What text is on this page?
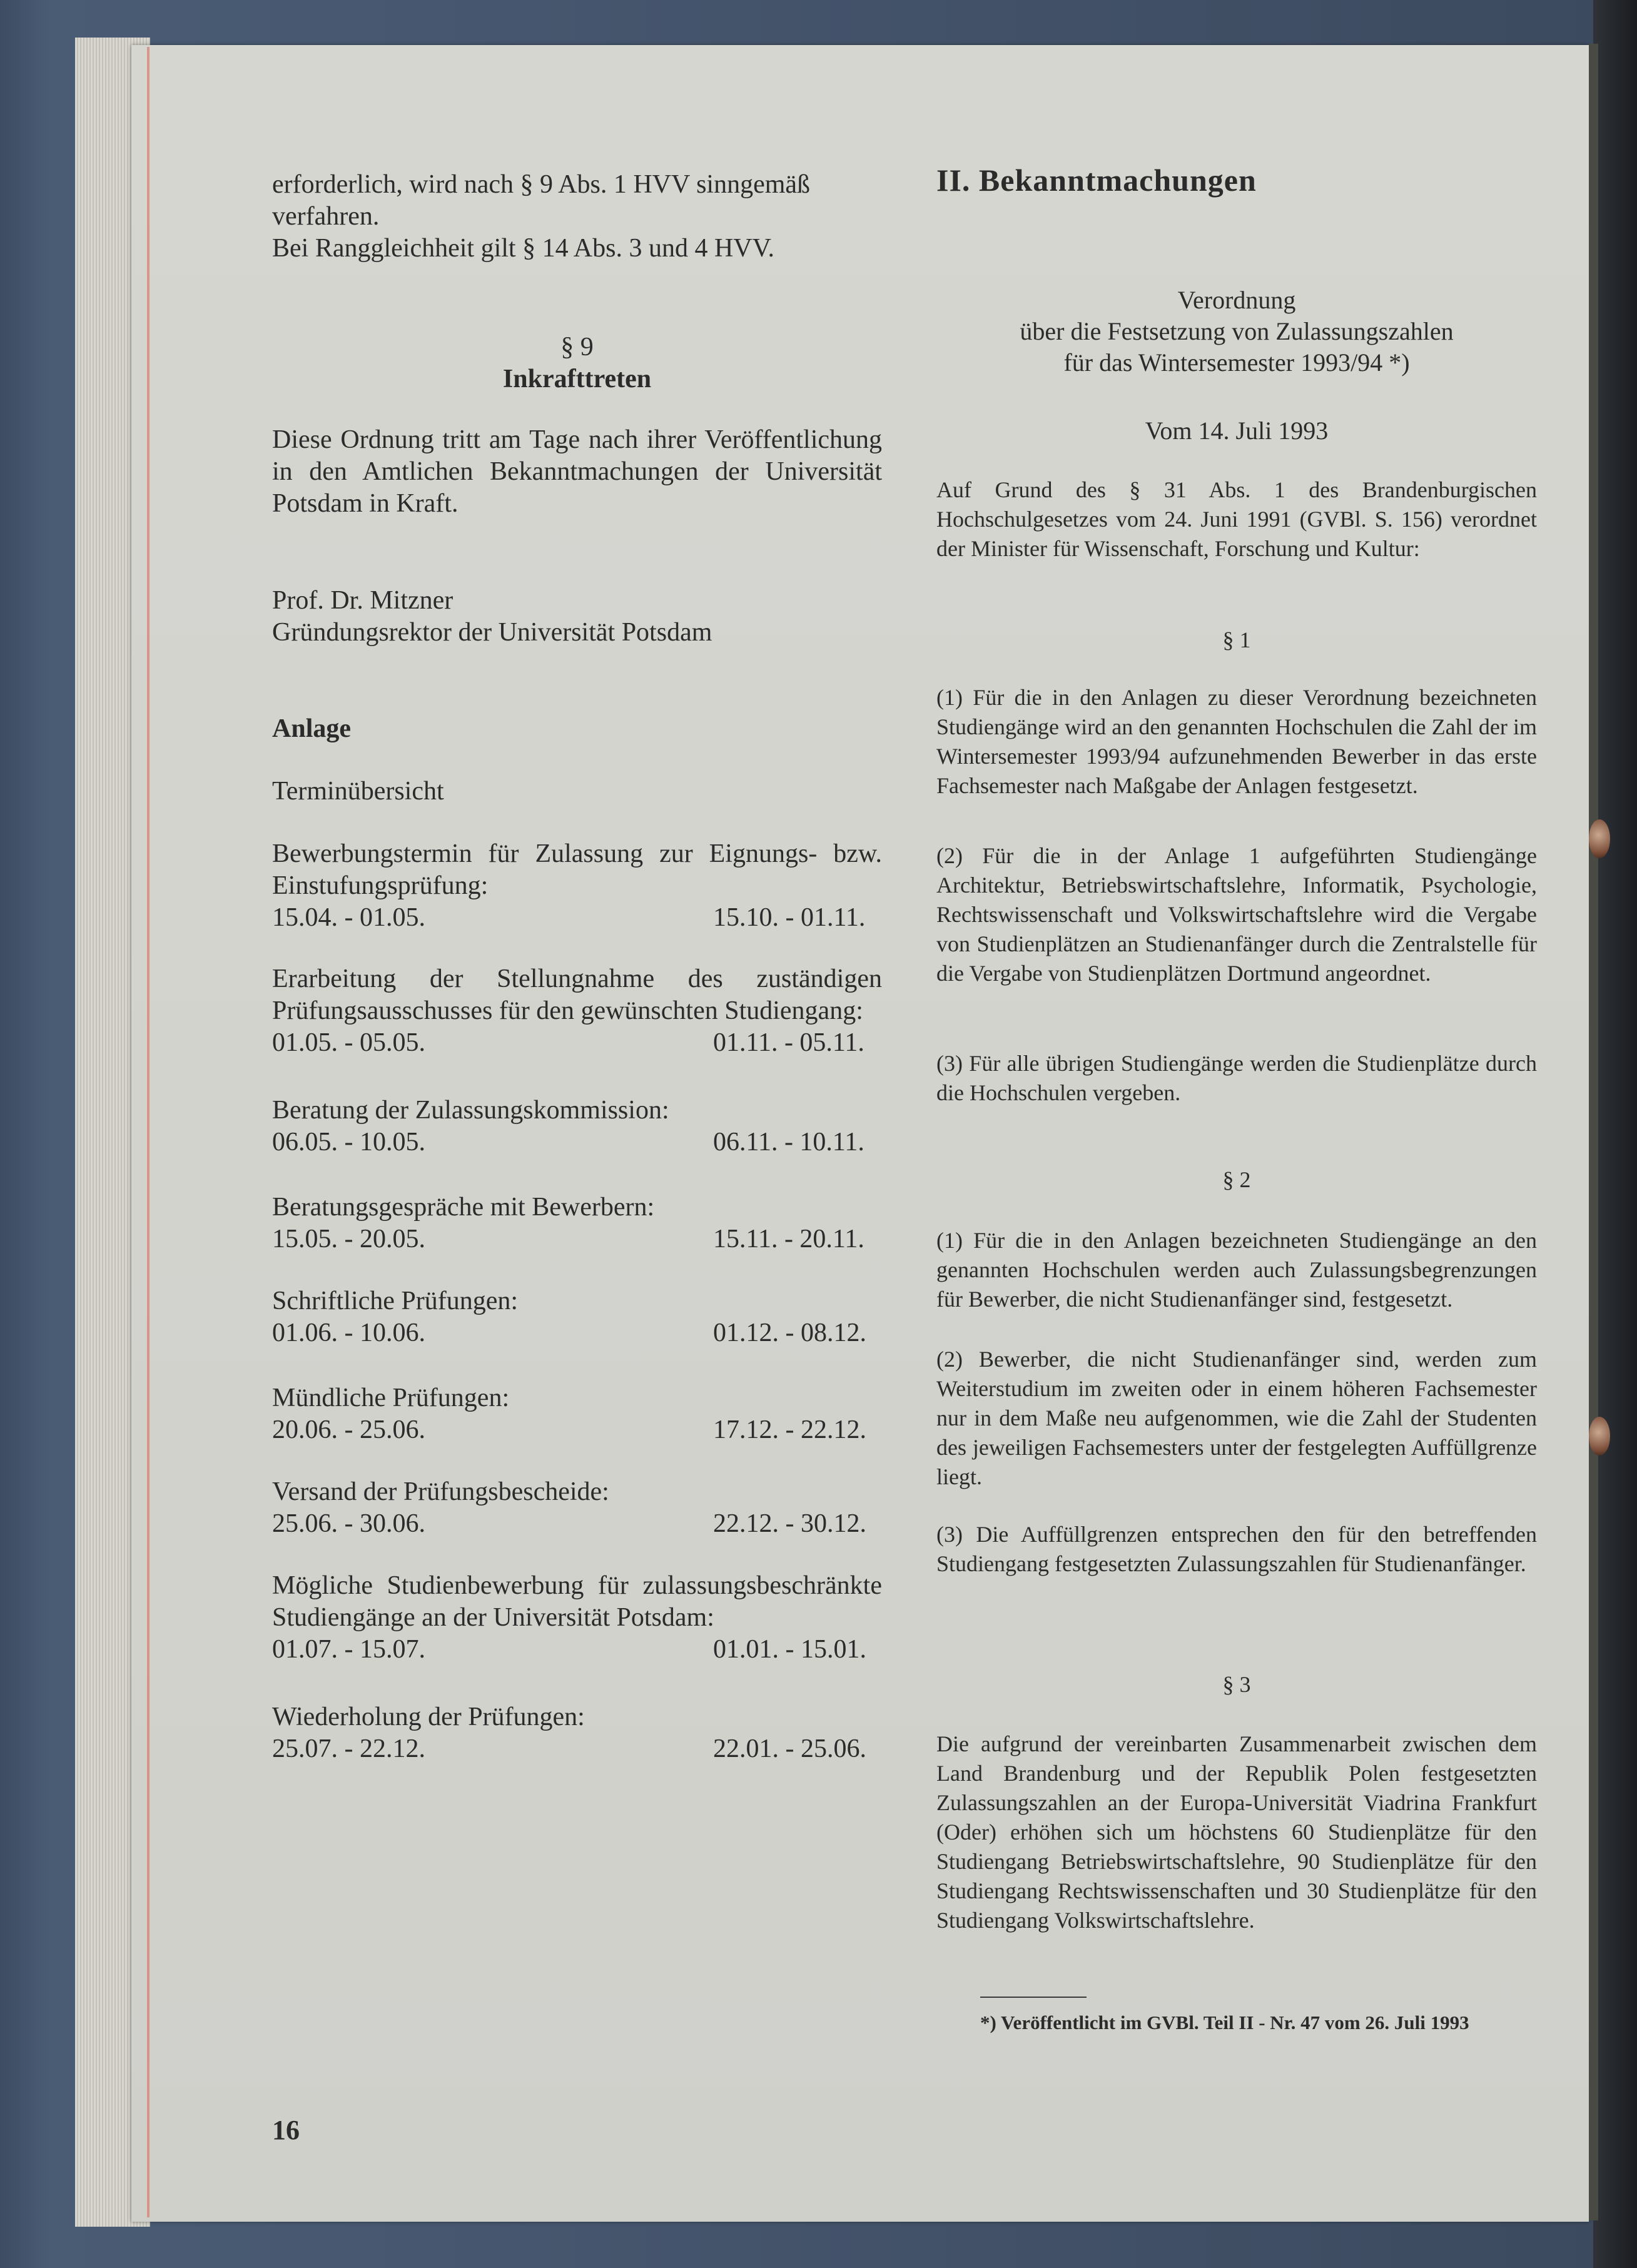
erforderlich, wird nach § 9 Abs. 1 HVV sinngemäß

verfahren.

Bei Ranggleichheit gilt § 14 Abs. 3 und 4 HVV.

§ 9

Inkrafttreten

Diese Ordnung tritt am Tage nach ihrer Veröffentlichung in den Amtlichen Bekanntmachungen der Universität Potsdam in Kraft.

Prof. Dr. Mitzner

Gründungsrektor der Universität Potsdam

Anlage

Terminübersicht

Bewerbungstermin für Zulassung zur Eignungs- bzw. Einstufungsprüfung:

15.04. - 01.05.	15.10. - 01.11.

Erarbeitung der Stellungnahme des zuständigen Prüfungsausschusses für den gewünschten Studiengang:

01.05. - 05.05.	01.11. - 05.11.

Beratung der Zulassungskommission:

06.05. - 10.05.	06.11. - 10.11.

Beratungsgespräche mit Bewerbern:

15.05. - 20.05.	15.11. - 20.11.

Schriftliche Prüfungen:

01.06. - 10.06.	01.12. - 08.12.

Mündliche Prüfungen:

20.06. - 25.06.	17.12. - 22.12.

Versand der Prüfungsbescheide:

25.06. - 30.06.	22.12. - 30.12.

Mögliche Studienbewerbung für zulassungsbeschränkte Studiengänge an der Universität Potsdam:

01.07. - 15.07.	01.01. - 15.01.

Wiederholung der Prüfungen:

25.07. - 22.12.	22.01. - 25.06.
16

II. Bekanntmachungen

Verordnung

über die Festsetzung von Zulassungszahlen

für das Wintersemester 1993/94 *)

Vom 14. Juli 1993

Auf Grund des § 31 Abs. 1 des Brandenburgischen Hochschulgesetzes vom 24. Juni 1991 (GVBl. S. 156) verordnet der Minister für Wissenschaft, Forschung und Kultur:

§ 1

(1) Für die in den Anlagen zu dieser Verordnung bezeichneten Studiengänge wird an den genannten Hochschulen die Zahl der im Wintersemester 1993/94 aufzunehmenden Bewerber in das erste Fachsemester nach Maßgabe der Anlagen festgesetzt.

(2) Für die in der Anlage 1 aufgeführten Studiengänge Architektur, Betriebswirtschaftslehre, Informatik, Psychologie, Rechtswissenschaft und Volkswirtschaftslehre wird die Vergabe von Studienplätzen an Studienanfänger durch die Zentralstelle für die Vergabe von Studienplätzen Dortmund angeordnet.

(3) Für alle übrigen Studiengänge werden die Studienplätze durch die Hochschulen vergeben.

§ 2

(1) Für die in den Anlagen bezeichneten Studiengänge an den genannten Hochschulen werden auch Zulassungsbegrenzungen für Bewerber, die nicht Studienanfänger sind, festgesetzt.

(2) Bewerber, die nicht Studienanfänger sind, werden zum Weiterstudium im zweiten oder in einem höheren Fachsemester nur in dem Maße neu aufgenommen, wie die Zahl der Studenten des jeweiligen Fachsemesters unter der festgelegten Auffüllgrenze liegt.

(3) Die Auffüllgrenzen entsprechen den für den betreffenden Studiengang festgesetzten Zulassungszahlen für Studienanfänger.

§ 3

Die aufgrund der vereinbarten Zusammenarbeit zwischen dem Land Brandenburg und der Republik Polen festgesetzten Zulassungszahlen an der Europa-Universität Viadrina Frankfurt (Oder) erhöhen sich um höchstens 60 Studienplätze für den Studiengang Betriebswirtschaftslehre, 90 Studienplätze für den Studiengang Rechtswissenschaften und 30 Studienplätze für den Studiengang Volkswirtschaftslehre.

*) Veröffentlicht im GVBl. Teil II - Nr. 47 vom 26. Juli 1993
